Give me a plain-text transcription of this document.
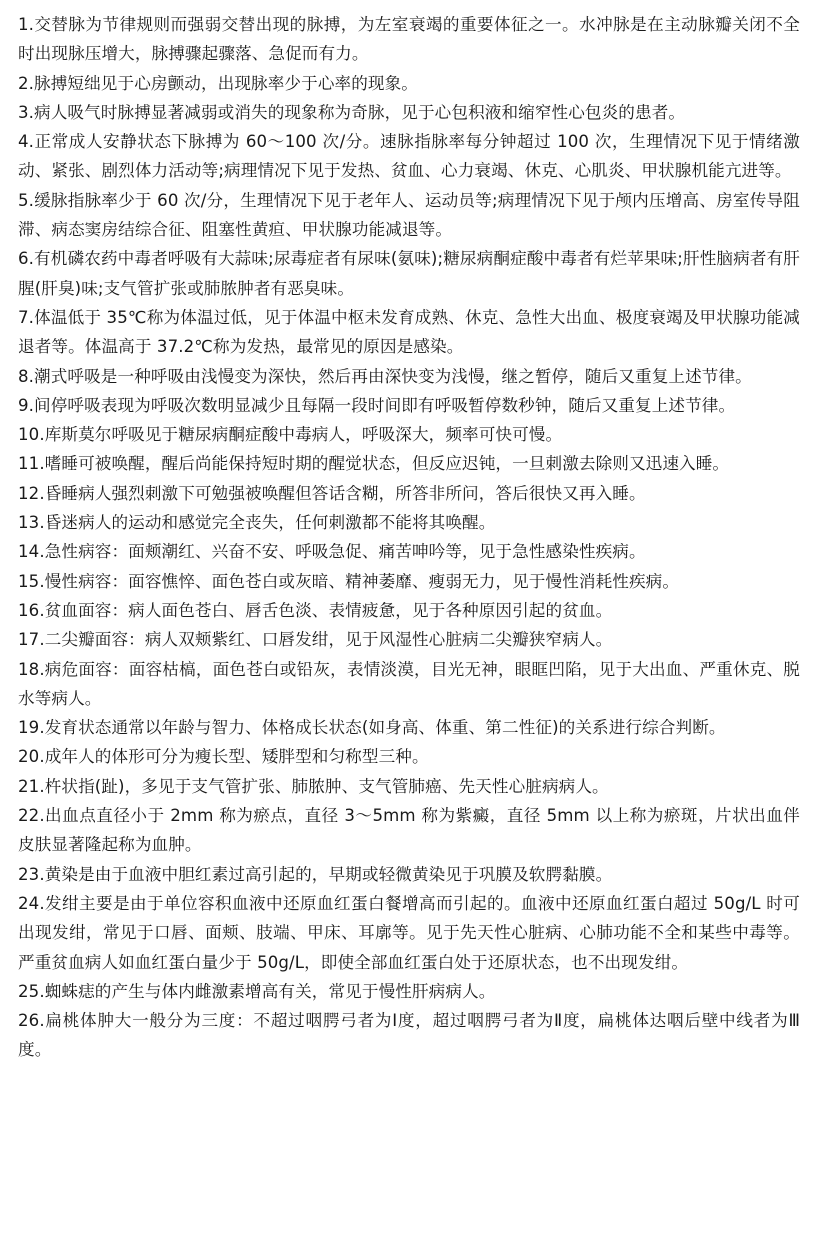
1.交替脉为节律规则而强弱交替出现的脉搏，为左室衰竭的重要体征之一。水冲脉是在主动脉瓣关闭不全时出现脉压增大，脉搏骤起骤落、急促而有力。

2.脉搏短绌见于心房颤动，出现脉率少于心率的现象。

3.病人吸气时脉搏显著减弱或消失的现象称为奇脉，见于心包积液和缩窄性心包炎的患者。

4.正常成人安静状态下脉搏为 60～100 次/分。速脉指脉率每分钟超过 100 次，生理情况下见于情绪激动、紧张、剧烈体力活动等;病理情况下见于发热、贫血、心力衰竭、休克、心肌炎、甲状腺机能亢进等。

5.缓脉指脉率少于 60 次/分，生理情况下见于老年人、运动员等;病理情况下见于颅内压增高、房室传导阻滞、病态窦房结综合征、阻塞性黄疸、甲状腺功能减退等。

6.有机磷农药中毒者呼吸有大蒜味;尿毒症者有尿味(氨味);糖尿病酮症酸中毒者有烂苹果味;肝性脑病者有肝腥(肝臭)味;支气管扩张或肺脓肿者有恶臭味。

7.体温低于 35℃称为体温过低，见于体温中枢未发育成熟、休克、急性大出血、极度衰竭及甲状腺功能减退者等。体温高于 37.2℃称为发热，最常见的原因是感染。

8.潮式呼吸是一种呼吸由浅慢变为深快，然后再由深快变为浅慢，继之暂停，随后又重复上述节律。

9.间停呼吸表现为呼吸次数明显减少且每隔一段时间即有呼吸暂停数秒钟，随后又重复上述节律。

10.库斯莫尔呼吸见于糖尿病酮症酸中毒病人，呼吸深大，频率可快可慢。

11.嗜睡可被唤醒，醒后尚能保持短时期的醒觉状态，但反应迟钝，一旦刺激去除则又迅速入睡。

12.昏睡病人强烈刺激下可勉强被唤醒但答话含糊，所答非所问，答后很快又再入睡。

13.昏迷病人的运动和感觉完全丧失，任何刺激都不能将其唤醒。

14.急性病容：面颊潮红、兴奋不安、呼吸急促、痛苦呻吟等，见于急性感染性疾病。

15.慢性病容：面容憔悴、面色苍白或灰暗、精神萎靡、瘦弱无力，见于慢性消耗性疾病。

16.贫血面容：病人面色苍白、唇舌色淡、表情疲惫，见于各种原因引起的贫血。

17.二尖瓣面容：病人双颊紫红、口唇发绀，见于风湿性心脏病二尖瓣狭窄病人。

18.病危面容：面容枯槁，面色苍白或铅灰，表情淡漠，目光无神，眼眶凹陷，见于大出血、严重休克、脱水等病人。

19.发育状态通常以年龄与智力、体格成长状态(如身高、体重、第二性征)的关系进行综合判断。

20.成年人的体形可分为瘦长型、矮胖型和匀称型三种。

21.杵状指(趾)，多见于支气管扩张、肺脓肿、支气管肺癌、先天性心脏病病人。

22.出血点直径小于 2mm 称为瘀点，直径 3～5mm 称为紫癜，直径 5mm 以上称为瘀斑，片状出血伴皮肤显著隆起称为血肿。

23.黄染是由于血液中胆红素过高引起的，早期或轻微黄染见于巩膜及软腭黏膜。

24.发绀主要是由于单位容积血液中还原血红蛋白餐增高而引起的。血液中还原血红蛋白超过 50g/L 时可出现发绀，常见于口唇、面颊、肢端、甲床、耳廓等。见于先天性心脏病、心肺功能不全和某些中毒等。严重贫血病人如血红蛋白量少于 50g/L，即使全部血红蛋白处于还原状态，也不出现发绀。

25.蜘蛛痣的产生与体内雌激素增高有关，常见于慢性肝病病人。

26.扁桃体肿大一般分为三度：不超过咽腭弓者为Ⅰ度，超过咽腭弓者为Ⅱ度，扁桃体达咽后壁中线者为Ⅲ度。
